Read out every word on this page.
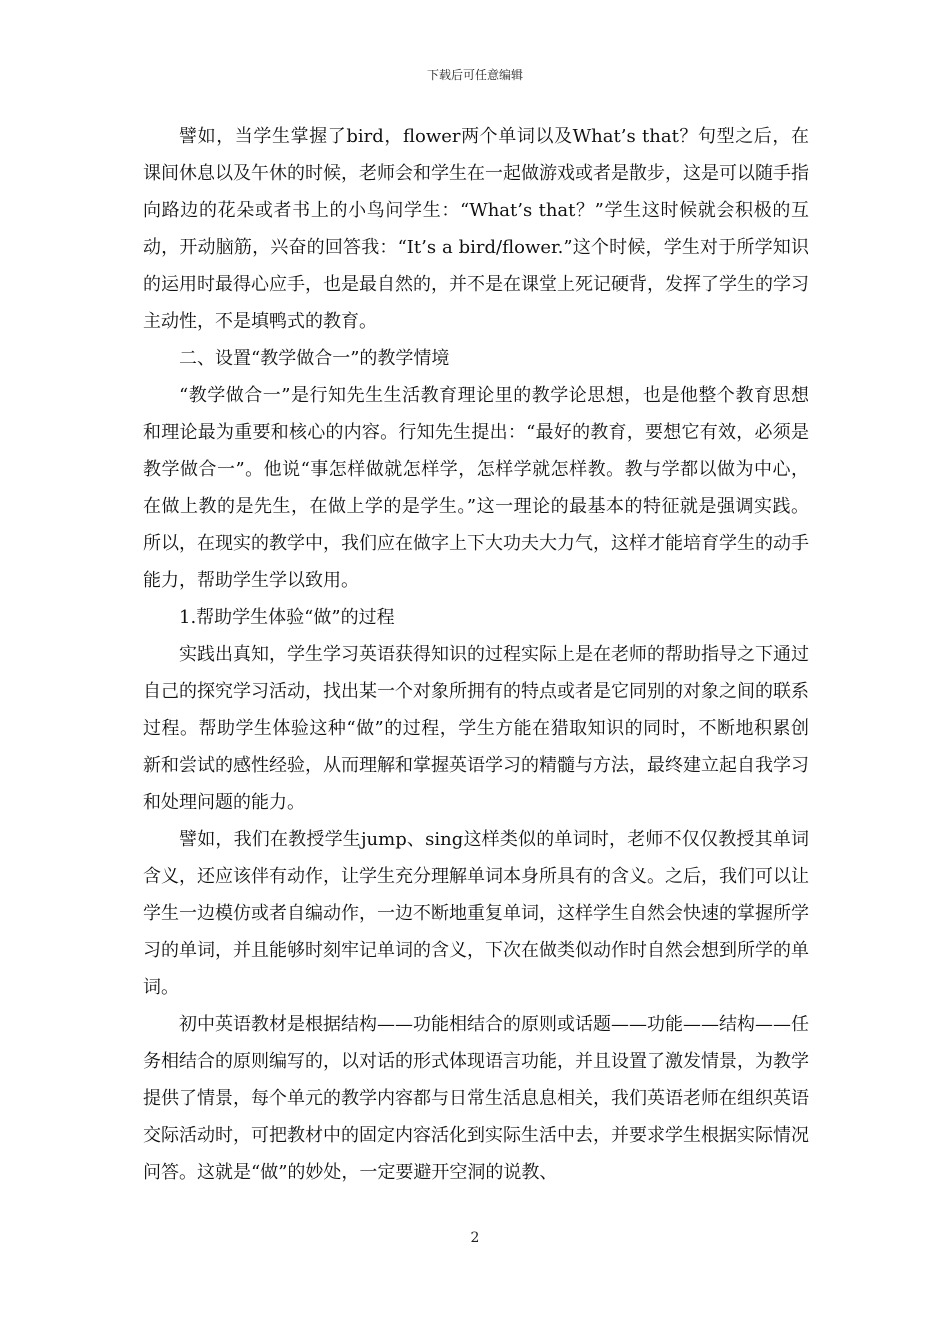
下载后可任意编辑

譬如，当学生掌握了bird，flower两个单词以及What’s that？句型之后，在课间休息以及午休的时候，老师会和学生在一起做游戏或者是散步，这是可以随手指向路边的花朵或者书上的小鸟问学生：“What’s that？”学生这时候就会积极的互动，开动脑筋，兴奋的回答我：“It’s a bird/flower.”这个时候，学生对于所学知识的运用时最得心应手，也是最自然的，并不是在课堂上死记硬背，发挥了学生的学习主动性，不是填鸭式的教育。

二、设置“教学做合一”的教学情境

“教学做合一”是行知先生生活教育理论里的教学论思想，也是他整个教育思想和理论最为重要和核心的内容。行知先生提出：“最好的教育，要想它有效，必须是教学做合一”。他说“事怎样做就怎样学，怎样学就怎样教。教与学都以做为中心，在做上教的是先生，在做上学的是学生。”这一理论的最基本的特征就是强调实践。所以，在现实的教学中，我们应在做字上下大功夫大力气，这样才能培育学生的动手能力，帮助学生学以致用。

1.帮助学生体验“做”的过程

实践出真知，学生学习英语获得知识的过程实际上是在老师的帮助指导之下通过自己的探究学习活动，找出某一个对象所拥有的特点或者是它同别的对象之间的联系过程。帮助学生体验这种“做”的过程，学生方能在猎取知识的同时，不断地积累创新和尝试的感性经验，从而理解和掌握英语学习的精髓与方法，最终建立起自我学习和处理问题的能力。

譬如，我们在教授学生jump、sing这样类似的单词时，老师不仅仅教授其单词含义，还应该伴有动作，让学生充分理解单词本身所具有的含义。之后，我们可以让学生一边模仿或者自编动作，一边不断地重复单词，这样学生自然会快速的掌握所学习的单词，并且能够时刻牢记单词的含义，下次在做类似动作时自然会想到所学的单词。

初中英语教材是根据结构——功能相结合的原则或话题——功能——结构——任务相结合的原则编写的，以对话的形式体现语言功能，并且设置了激发情景，为教学提供了情景，每个单元的教学内容都与日常生活息息相关，我们英语老师在组织英语交际活动时，可把教材中的固定内容活化到实际生活中去，并要求学生根据实际情况问答。这就是“做”的妙处，一定要避开空洞的说教、

2
